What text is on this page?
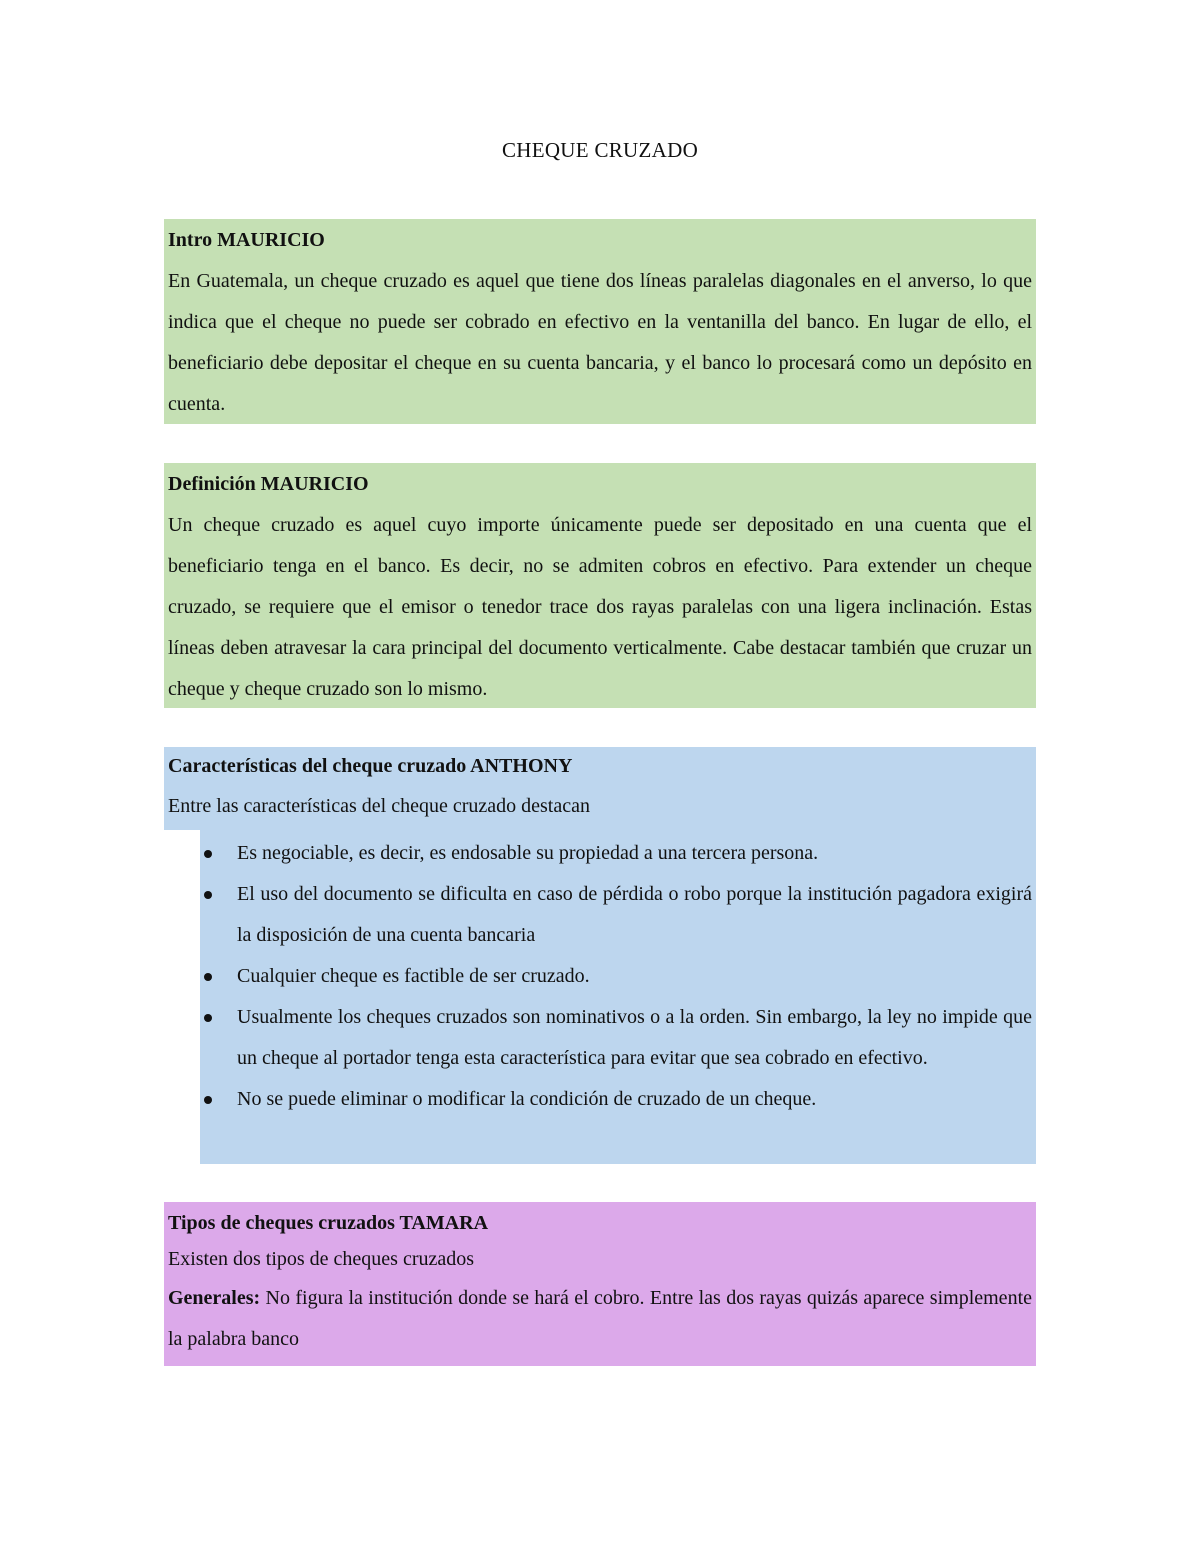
CHEQUE CRUZADO
Intro MAURICIO
En Guatemala, un cheque cruzado es aquel que tiene dos líneas paralelas diagonales en el anverso, lo que indica que el cheque no puede ser cobrado en efectivo en la ventanilla del banco. En lugar de ello, el beneficiario debe depositar el cheque en su cuenta bancaria, y el banco lo procesará como un depósito en cuenta.
Definición MAURICIO
Un cheque cruzado es aquel cuyo importe únicamente puede ser depositado en una cuenta que el beneficiario tenga en el banco. Es decir, no se admiten cobros en efectivo. Para extender un cheque cruzado, se requiere que el emisor o tenedor trace dos rayas paralelas con una ligera inclinación. Estas líneas deben atravesar la cara principal del documento verticalmente. Cabe destacar también que cruzar un cheque y cheque cruzado son lo mismo.
Características del cheque cruzado ANTHONY
Entre las características del cheque cruzado destacan
Es negociable, es decir, es endosable su propiedad a una tercera persona.
El uso del documento se dificulta en caso de pérdida o robo porque la institución pagadora exigirá la disposición de una cuenta bancaria
Cualquier cheque es factible de ser cruzado.
Usualmente los cheques cruzados son nominativos o a la orden. Sin embargo, la ley no impide que un cheque al portador tenga esta característica para evitar que sea cobrado en efectivo.
No se puede eliminar o modificar la condición de cruzado de un cheque.
Tipos de cheques cruzados TAMARA
Existen dos tipos de cheques cruzados
Generales: No figura la institución donde se hará el cobro. Entre las dos rayas quizás aparece simplemente la palabra banco
